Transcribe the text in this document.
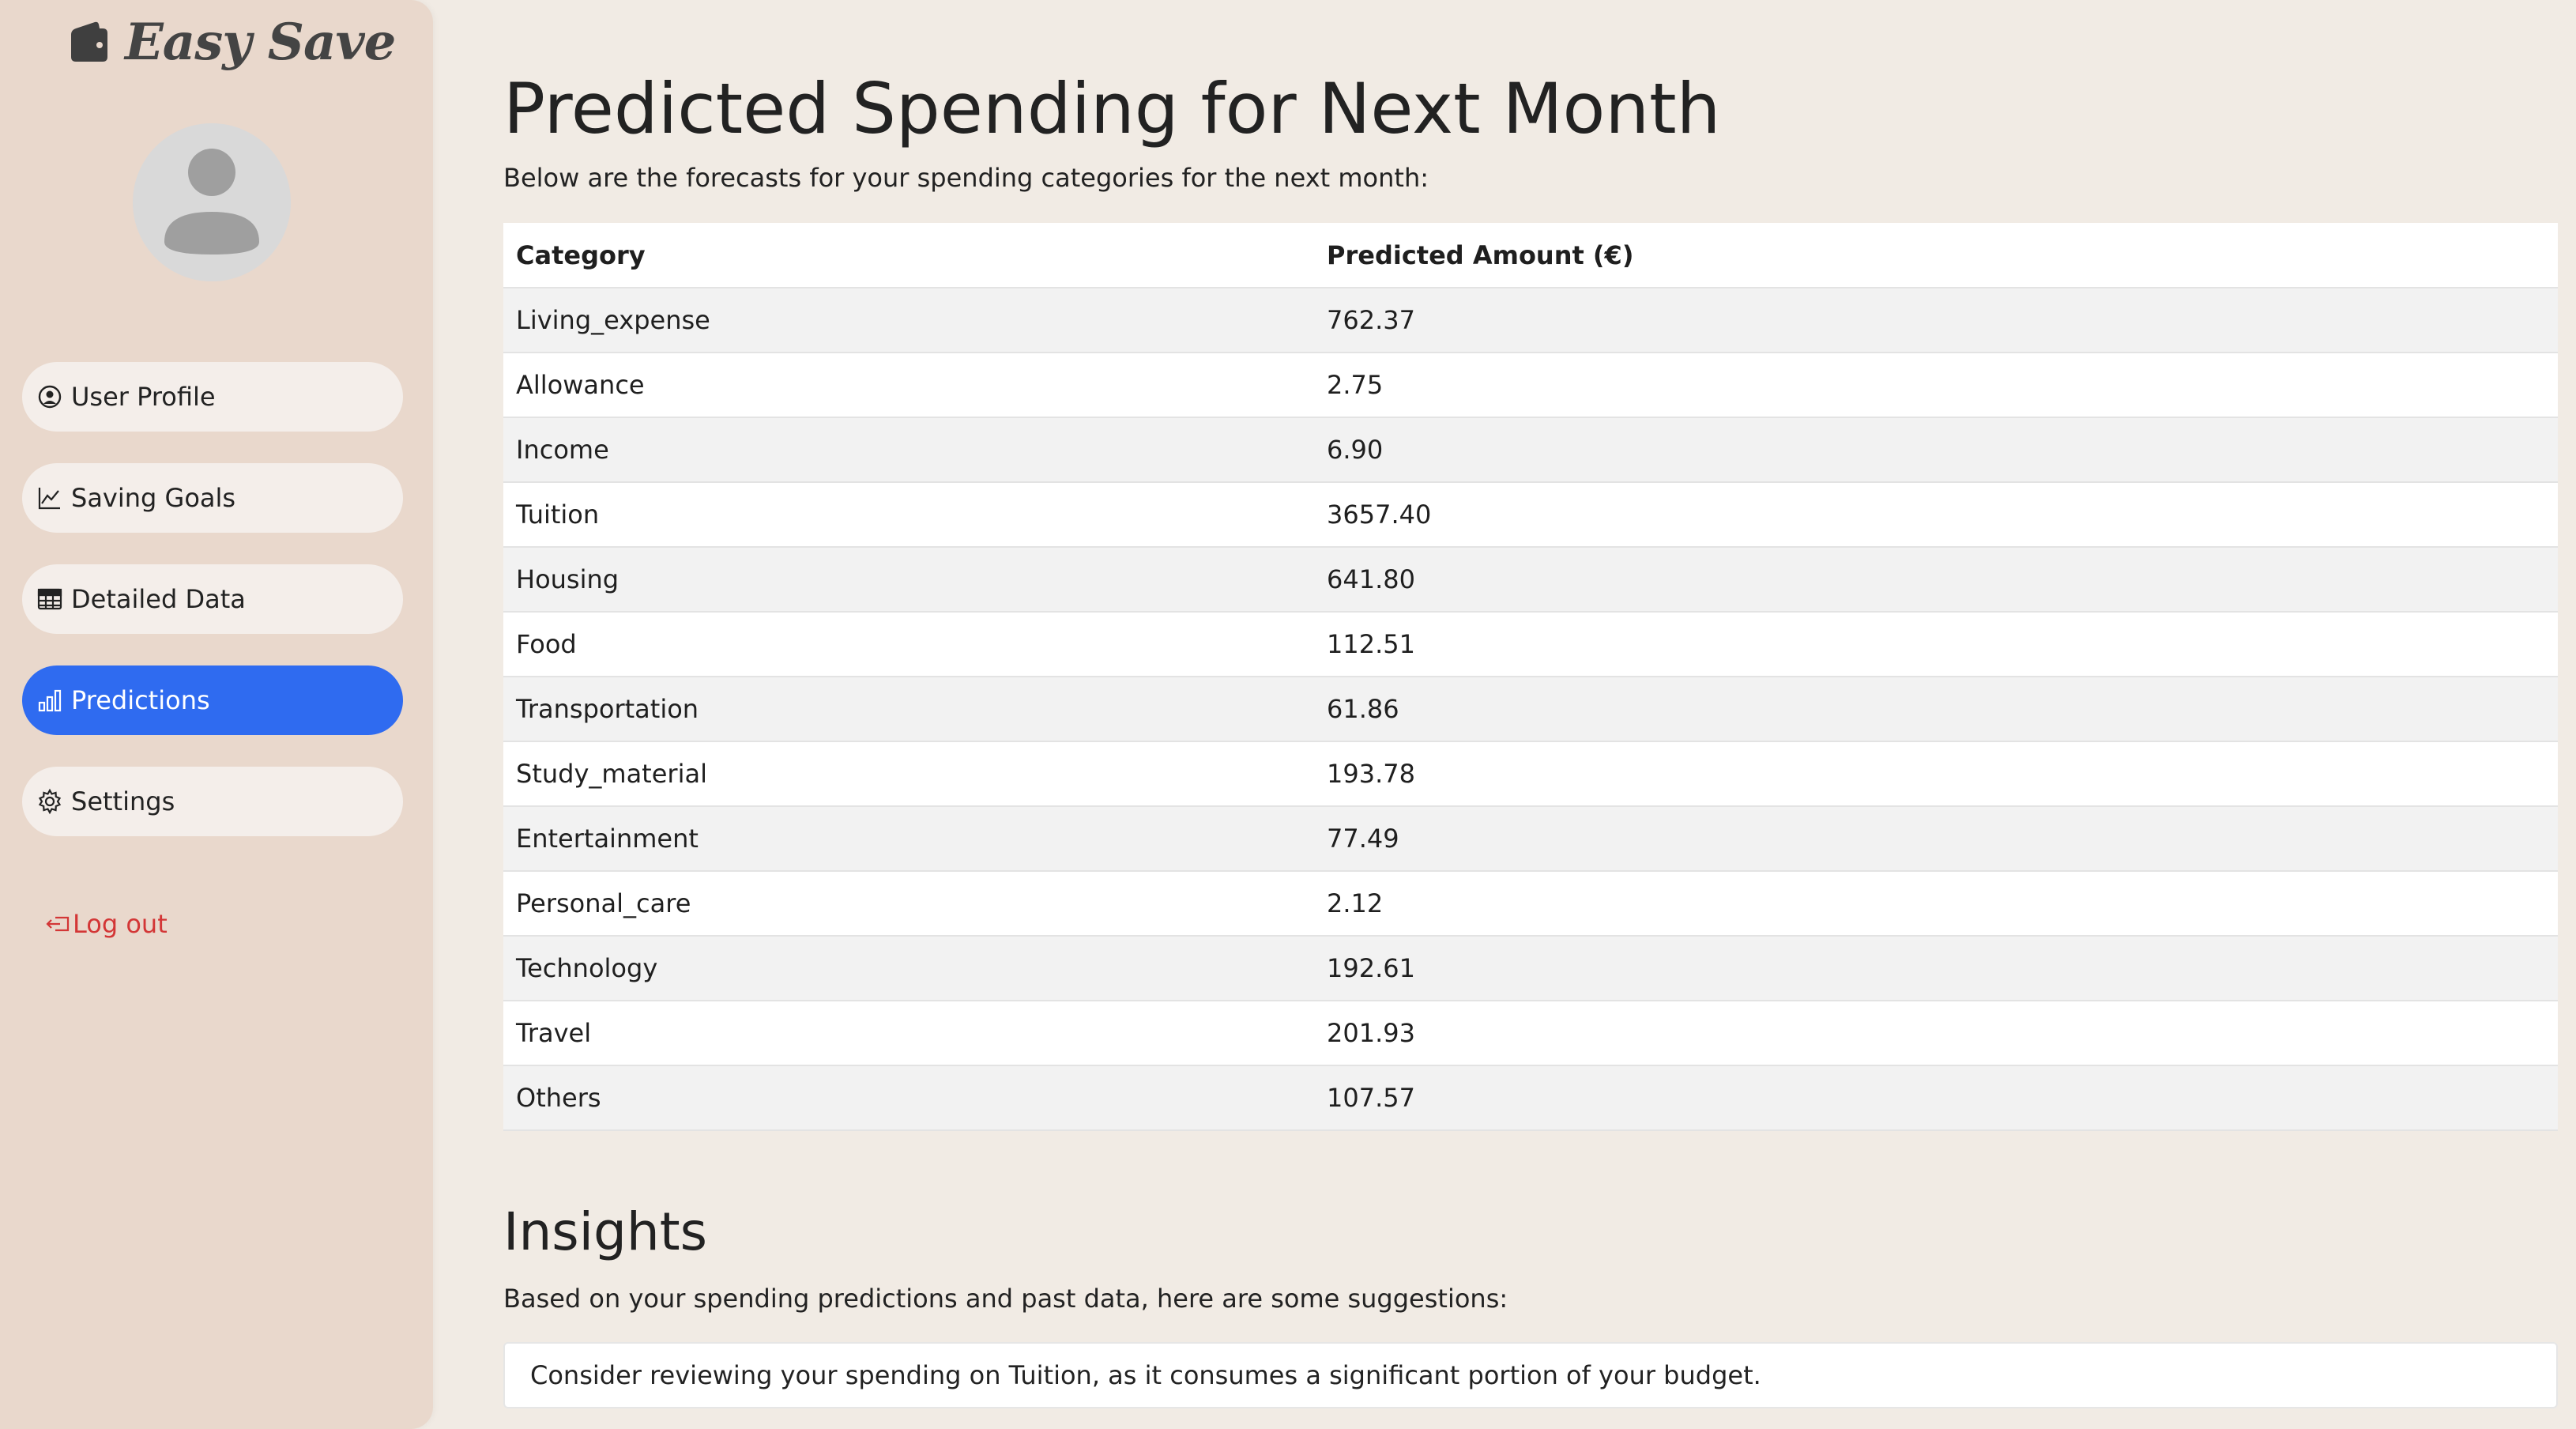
Easy Save
User Profile
Saving Goals
Detailed Data
Predictions
Settings
Log out
Predicted Spending for Next Month

Below are the forecasts for your spending categories for the next month:

Category	Predicted Amount (€)
Living_expense	762.37
Allowance	2.75
Income	6.90
Tuition	3657.40
Housing	641.80
Food	112.51
Transportation	61.86
Study_material	193.78
Entertainment	77.49
Personal_care	2.12
Technology	192.61
Travel	201.93
Others	107.57
Insights

Based on your spending predictions and past data, here are some suggestions:

Consider reviewing your spending on Tuition, as it consumes a significant portion of your budget.
